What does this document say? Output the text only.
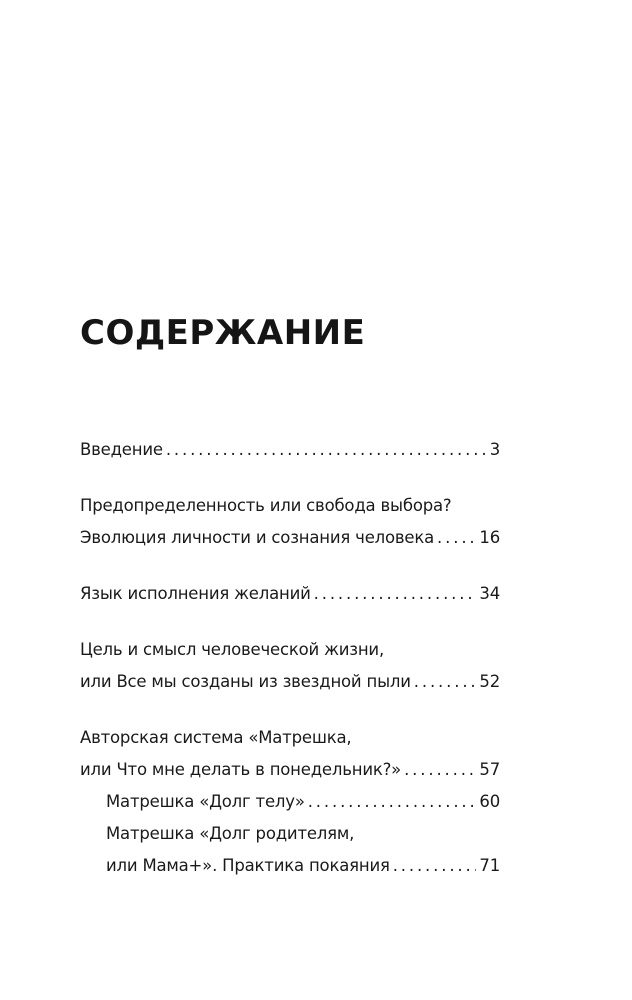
СОДЕРЖАНИЕ
Введение . . .	3
Предопределенность или свобода выбора?
Эволюция личности и сознания человека . . .	16
Язык исполнения желаний . . .	34
Цель и смысл человеческой жизни,
или Все мы созданы из звездной пыли . . .	52
Авторская система «Матрешка,
или Что мне делать в понедельник?» . . .	57
Матрешка «Долг телу» . . .	60
Матрешка «Долг родителям,
или Мама+». Практика покаяния . . .	71
